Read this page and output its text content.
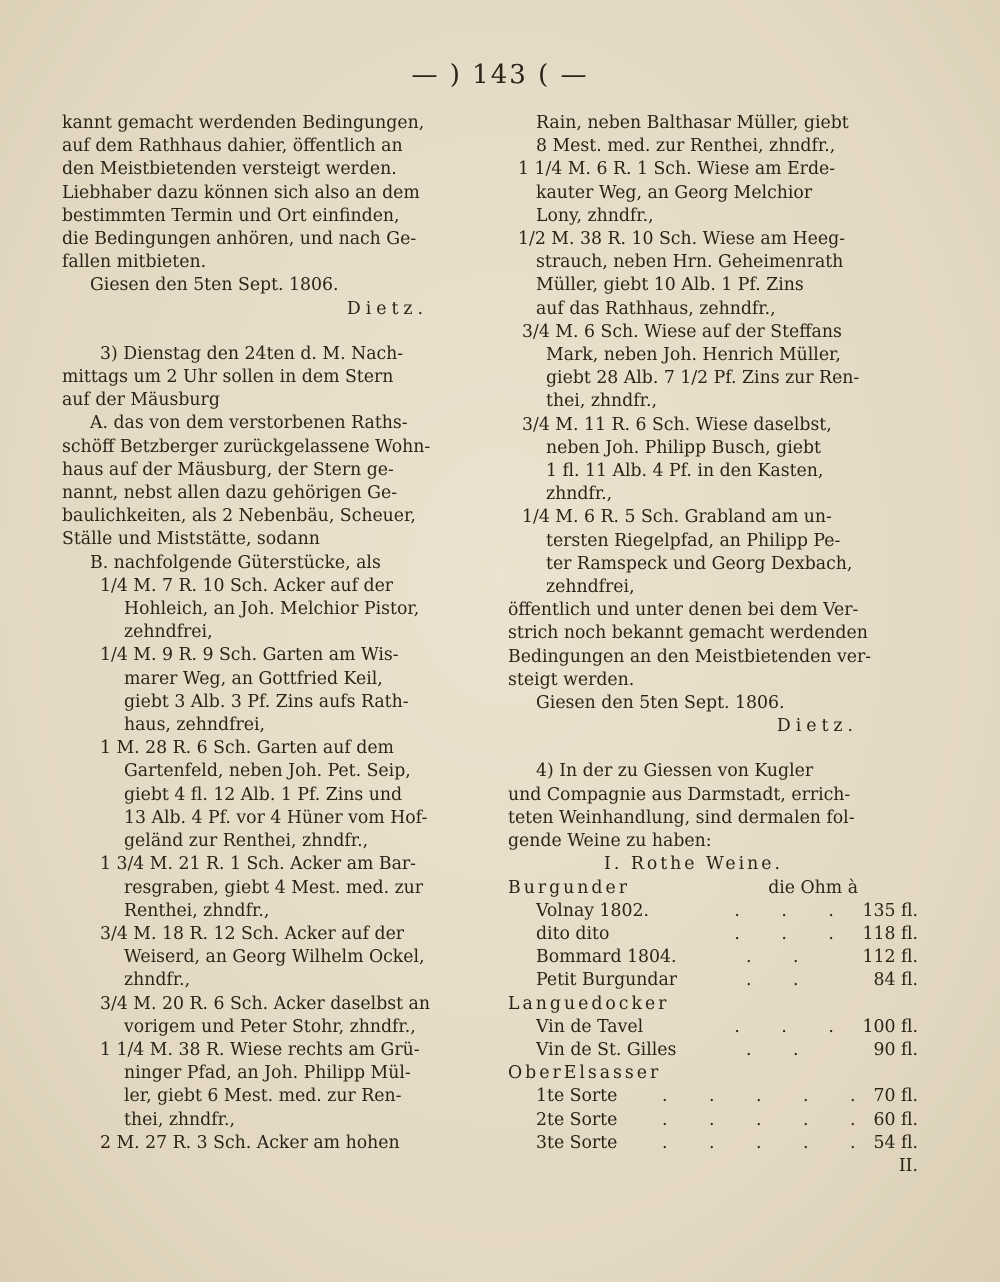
— ) 143 ( —
kannt gemacht werdenden Bedingungen,
auf dem Rathhaus dahier, öffentlich an
den Meistbietenden versteigt werden.
Liebhaber dazu können sich also an dem
bestimmten Termin und Ort einfinden,
die Bedingungen anhören, und nach Ge-
fallen mitbieten.
Giesen den 5ten Sept. 1806.
Dietz.
3) Dienstag den 24ten d. M. Nach-
mittags um 2 Uhr sollen in dem Stern
auf der Mäusburg
A. das von dem verstorbenen Raths-
schöff Betzberger zurückgelassene Wohn-
haus auf der Mäusburg, der Stern ge-
nannt, nebst allen dazu gehörigen Ge-
baulichkeiten, als 2 Nebenbäu, Scheuer,
Ställe und Miststätte, sodann
B. nachfolgende Güterstücke, als
1/4 M. 7 R. 10 Sch. Acker auf der
Hohleich, an Joh. Melchior Pistor,
zehndfrei,
1/4 M. 9 R. 9 Sch. Garten am Wis-
marer Weg, an Gottfried Keil,
giebt 3 Alb. 3 Pf. Zins aufs Rath-
haus, zehndfrei,
1 M. 28 R. 6 Sch. Garten auf dem
Gartenfeld, neben Joh. Pet. Seip,
giebt 4 fl. 12 Alb. 1 Pf. Zins und
13 Alb. 4 Pf. vor 4 Hüner vom Hof-
geländ zur Renthei, zhndfr.,
1 3/4 M. 21 R. 1 Sch. Acker am Bar-
resgraben, giebt 4 Mest. med. zur
Renthei, zhndfr.,
3/4 M. 18 R. 12 Sch. Acker auf der
Weiserd, an Georg Wilhelm Ockel,
zhndfr.,
3/4 M. 20 R. 6 Sch. Acker daselbst an
vorigem und Peter Stohr, zhndfr.,
1 1/4 M. 38 R. Wiese rechts am Grü-
ninger Pfad, an Joh. Philipp Mül-
ler, giebt 6 Mest. med. zur Ren-
thei, zhndfr.,
2 M. 27 R. 3 Sch. Acker am hohen
Rain, neben Balthasar Müller, giebt
8 Mest. med. zur Renthei, zhndfr.,
1 1/4 M. 6 R. 1 Sch. Wiese am Erde-
kauter Weg, an Georg Melchior
Lony, zhndfr.,
1/2 M. 38 R. 10 Sch. Wiese am Heeg-
strauch, neben Hrn. Geheimenrath
Müller, giebt 10 Alb. 1 Pf. Zins
auf das Rathhaus, zehndfr.,
3/4 M. 6 Sch. Wiese auf der Steffans
Mark, neben Joh. Henrich Müller,
giebt 28 Alb. 7 1/2 Pf. Zins zur Ren-
thei, zhndfr.,
3/4 M. 11 R. 6 Sch. Wiese daselbst,
neben Joh. Philipp Busch, giebt
1 fl. 11 Alb. 4 Pf. in den Kasten,
zhndfr.,
1/4 M. 6 R. 5 Sch. Grabland am un-
tersten Riegelpfad, an Philipp Pe-
ter Ramspeck und Georg Dexbach,
zehndfrei,
öffentlich und unter denen bei dem Ver-
strich noch bekannt gemacht werdenden
Bedingungen an den Meistbietenden ver-
steigt werden.
Giesen den 5ten Sept. 1806.
Dietz.
4) In der zu Giessen von Kugler
und Compagnie aus Darmstadt, errich-
teten Weinhandlung, sind dermalen fol-
gende Weine zu haben:
I. Rothe Weine.
Burgunder	die Ohm à
Volnay 1802.	. . . 135 fl.
dito dito	. . . 118 fl.
Bommard 1804.	. .	112 fl.
Petit Burgundar	. .	84 fl.
Languedocker
Vin de Tavel	. . . 100 fl.
Vin de St. Gilles	. .	90 fl.
OberElsasser
1te Sorte	. . . . . 70 fl.
2te Sorte	. . . . . 60 fl.
3te Sorte	. . . . . 54 fl.
II.
